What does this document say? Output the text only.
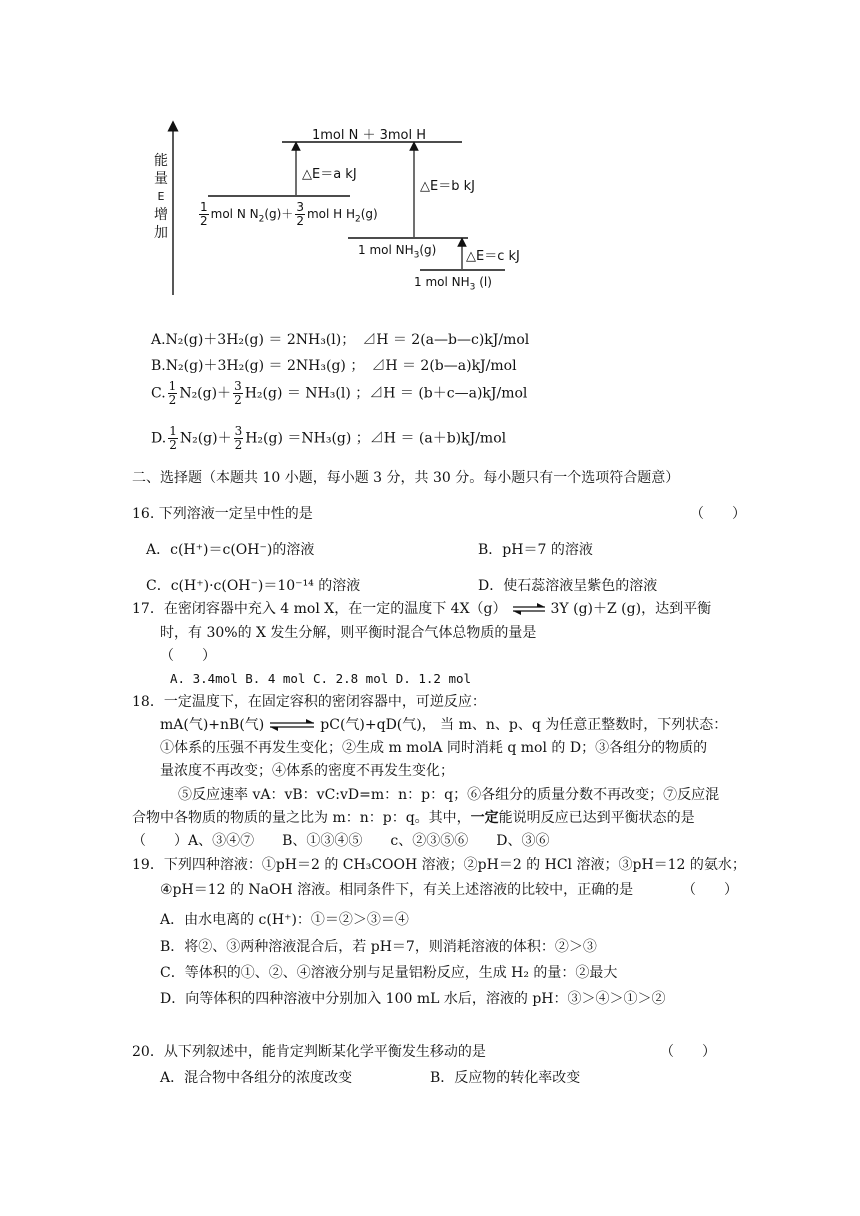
能
量
E
增
加
1mol N ＋ 3mol H
△E＝a kJ
△E＝b kJ
△E＝c kJ
$\frac{1}{2}$ mol N $N_2(g)+ \frac{3}{2}$ mol H $H_2(g)$
1 mol $NH_3(g)$
1 mol $NH_3$ (l)
A.N₂(g)＋3H₂(g) ＝ 2NH₃(l)；　⊿H ＝ 2(a—b—c)kJ/mol
B.N₂(g)＋3H₂(g) ＝ 2NH₃(g) ；　⊿H ＝ 2(b—a)kJ/mol
C. $\frac{1}{2} N_2(g)+ \frac{3}{2} H_2(g) = NH_3(l)$ ；⊿H ＝ (b＋c—a)kJ/mol
D. $\frac{1}{2} N_2(g)+ \frac{3}{2} H_2(g) =NH_3(g)$ ；⊿H ＝ (a＋b)kJ/mol
二、选择题（本题共 10 小题，每小题 3 分，共 30 分。每小题只有一个选项符合题意）
16. 下列溶液一定呈中性的是	（　　）
A．c(H⁺)＝c(OH⁻)的溶液	B．pH＝7 的溶液
C．c(H⁺)·c(OH⁻)＝10⁻¹⁴ 的溶液	D．使石蕊溶液呈紫色的溶液
17．在密闭容器中充入 4 mol X，在一定的温度下 4X（g） ⇌ 3Y (g)＋Z (g)，达到平衡
时，有 30%的 X 发生分解，则平衡时混合气体总物质的量是
（　　）
A. 3.4mol B. 4 mol C. 2.8 mol D. 1.2 mol
18．一定温度下，在固定容积的密闭容器中，可逆反应：
mA(气)+nB(气) ⇌ pC(气)+qD(气)， 当 m、n、p、q 为任意正整数时，下列状态：
①体系的压强不再发生变化；②生成 m molA 同时消耗 q mol 的 D；③各组分的物质的
量浓度不再改变；④体系的密度不再发生变化；
⑤反应速率 vA：vB：vC:vD=m：n：p：q；⑥各组分的质量分数不再改变；⑦反应混
合物中各物质的物质的量之比为 m：n：p：q。其中，一定能说明反应已达到平衡状态的是
（　　）A、③④⑦　　B、①③④⑤　　c、②③⑤⑥　　D、③⑥
19．下列四种溶液：①pH＝2 的 CH₃COOH 溶液；②pH＝2 的 HCl 溶液；③pH＝12 的氨水；
④pH＝12 的 NaOH 溶液。相同条件下，有关上述溶液的比较中，正确的是	（　　）
A．由水电离的 c(H⁺)：①＝②＞③＝④
B．将②、③两种溶液混合后，若 pH＝7，则消耗溶液的体积：②＞③
C．等体积的①、②、④溶液分别与足量铝粉反应，生成 H₂ 的量：②最大
D．向等体积的四种溶液中分别加入 100 mL 水后，溶液的 pH：③＞④＞①＞②
20．从下列叙述中，能肯定判断某化学平衡发生移动的是	（　　）
A．混合物中各组分的浓度改变	B．反应物的转化率改变
